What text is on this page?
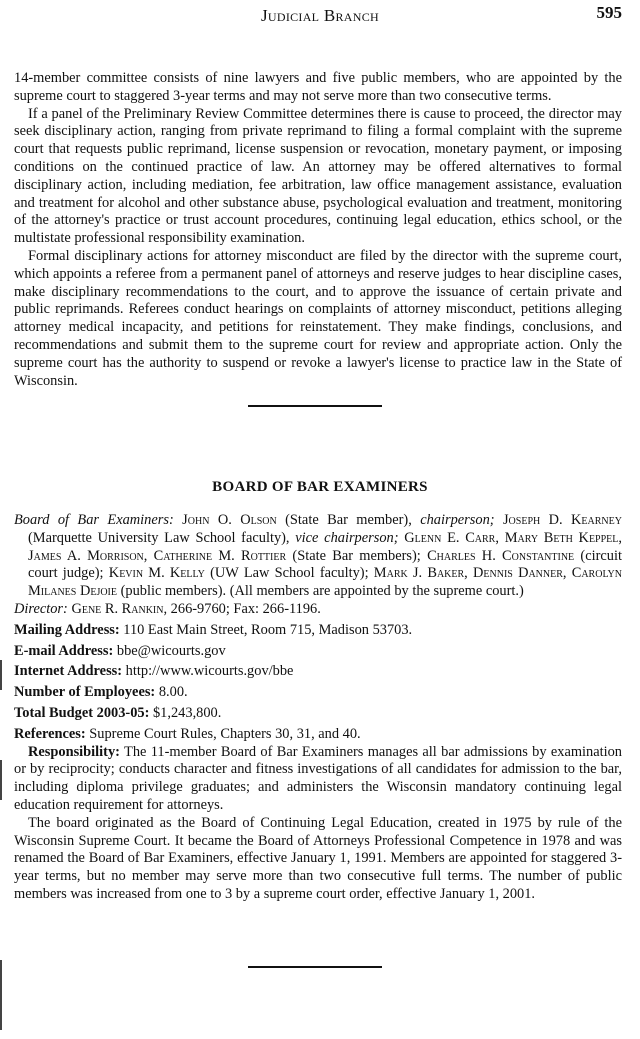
Judicial Branch	595

14-member committee consists of nine lawyers and five public members, who are appointed by the supreme court to staggered 3-year terms and may not serve more than two consecutive terms.

If a panel of the Preliminary Review Committee determines there is cause to proceed, the director may seek disciplinary action, ranging from private reprimand to filing a formal complaint with the supreme court that requests public reprimand, license suspension or revocation, monetary payment, or imposing conditions on the continued practice of law. An attorney may be offered alternatives to formal disciplinary action, including mediation, fee arbitration, law office management assistance, evaluation and treatment for alcohol and other substance abuse, psychological evaluation and treatment, monitoring of the attorney's practice or trust account procedures, continuing legal education, ethics school, or the multistate professional responsibility examination.

Formal disciplinary actions for attorney misconduct are filed by the director with the supreme court, which appoints a referee from a permanent panel of attorneys and reserve judges to hear discipline cases, make disciplinary recommendations to the court, and to approve the issuance of certain private and public reprimands. Referees conduct hearings on complaints of attorney misconduct, petitions alleging attorney medical incapacity, and petitions for reinstatement. They make findings, conclusions, and recommendations and submit them to the supreme court for review and appropriate action. Only the supreme court has the authority to suspend or revoke a lawyer's license to practice law in the State of Wisconsin.

BOARD OF BAR EXAMINERS

Board of Bar Examiners: John O. Olson (State Bar member), chairperson; Joseph D. Kearney (Marquette University Law School faculty), vice chairperson; Glenn E. Carr, Mary Beth Keppel, James A. Morrison, Catherine M. Rottier (State Bar members); Charles H. Constantine (circuit court judge); Kevin M. Kelly (UW Law School faculty); Mark J. Baker, Dennis Danner, Carolyn Milanes Dejoie (public members). (All members are appointed by the supreme court.)

Director: Gene R. Rankin, 266-9760; Fax: 266-1196.

Mailing Address: 110 East Main Street, Room 715, Madison 53703.

E-mail Address: bbe@wicourts.gov

Internet Address: http://www.wicourts.gov/bbe

Number of Employees: 8.00.

Total Budget 2003-05: $1,243,800.

References: Supreme Court Rules, Chapters 30, 31, and 40.

Responsibility: The 11-member Board of Bar Examiners manages all bar admissions by examination or by reciprocity; conducts character and fitness investigations of all candidates for admission to the bar, including diploma privilege graduates; and administers the Wisconsin mandatory continuing legal education requirement for attorneys.

The board originated as the Board of Continuing Legal Education, created in 1975 by rule of the Wisconsin Supreme Court. It became the Board of Attorneys Professional Competence in 1978 and was renamed the Board of Bar Examiners, effective January 1, 1991. Members are appointed for staggered 3-year terms, but no member may serve more than two consecutive full terms. The number of public members was increased from one to 3 by a supreme court order, effective January 1, 2001.
